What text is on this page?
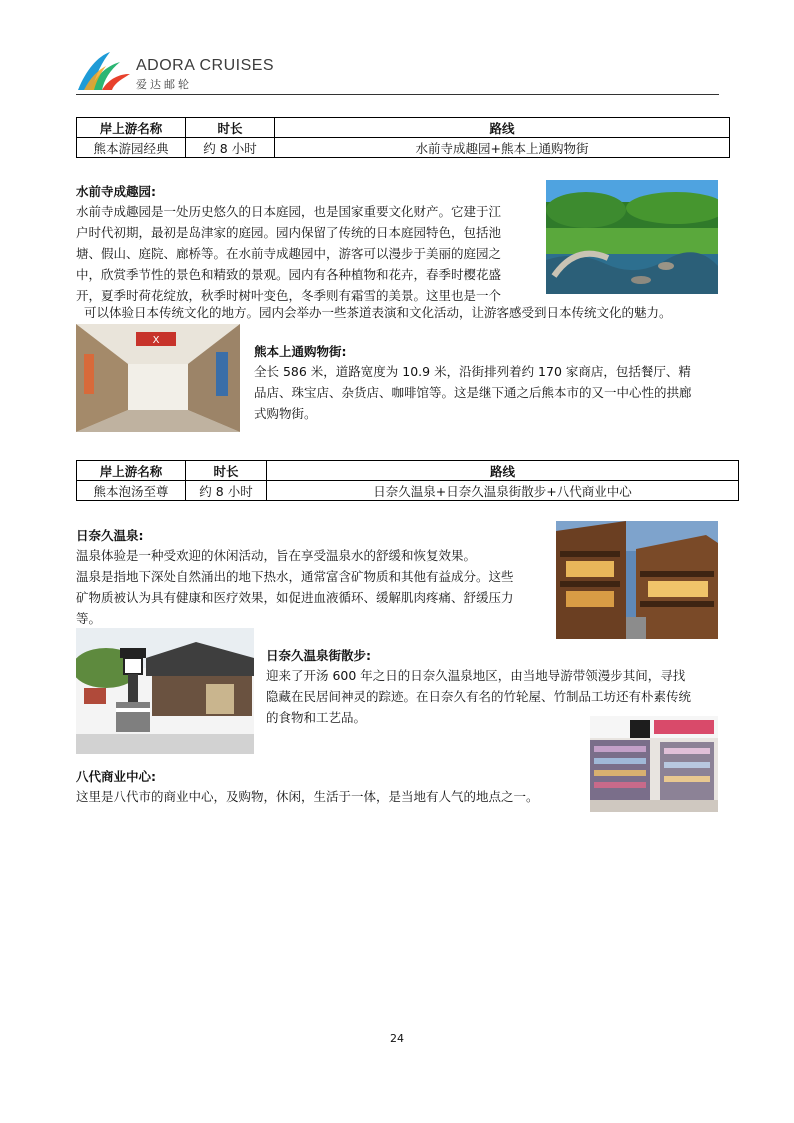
ADORA CRUISES
爱达邮轮
岸上游名称	时长	路线
熊本游园经典	约 8 小时	水前寺成趣园+熊本上通购物街
水前寺成趣园:
水前寺成趣园是一处历史悠久的日本庭园，也是国家重要文化财产。它建于江
户时代初期，最初是岛津家的庭园。园内保留了传统的日本庭园特色，包括池
塘、假山、庭院、廊桥等。在水前寺成趣园中，游客可以漫步于美丽的庭园之
中，欣赏季节性的景色和精致的景观。园内有各种植物和花卉，春季时樱花盛
开，夏季时荷花绽放，秋季时树叶变色，冬季则有霜雪的美景。这里也是一个
可以体验日本传统文化的地方。园内会举办一些茶道表演和文化活动，让游客感受到日本传统文化的魅力。
X
熊本上通购物街:
全长 586 米，道路宽度为 10.9 米，沿街排列着约 170 家商店，包括餐厅、精
品店、珠宝店、杂货店、咖啡馆等。这是继下通之后熊本市的又一中心性的拱廊
式购物街。
岸上游名称	时长	路线
熊本泡汤至尊	约 8 小时	日奈久温泉+日奈久温泉街散步+八代商业中心
日奈久温泉:
温泉体验是一种受欢迎的休闲活动，旨在享受温泉水的舒缓和恢复效果。
温泉是指地下深处自然涌出的地下热水，通常富含矿物质和其他有益成分。这些
矿物质被认为具有健康和医疗效果，如促进血液循环、缓解肌肉疼痛、舒缓压力
等。
日奈久温泉街散步:
迎来了开汤 600 年之日的日奈久温泉地区，由当地导游带领漫步其间，寻找
隐藏在民居间神灵的踪迹。在日奈久有名的竹轮屋、竹制品工坊还有朴素传统
的食物和工艺品。
八代商业中心:
这里是八代市的商业中心，及购物，休闲，生活于一体，是当地有人气的地点之一。
24
